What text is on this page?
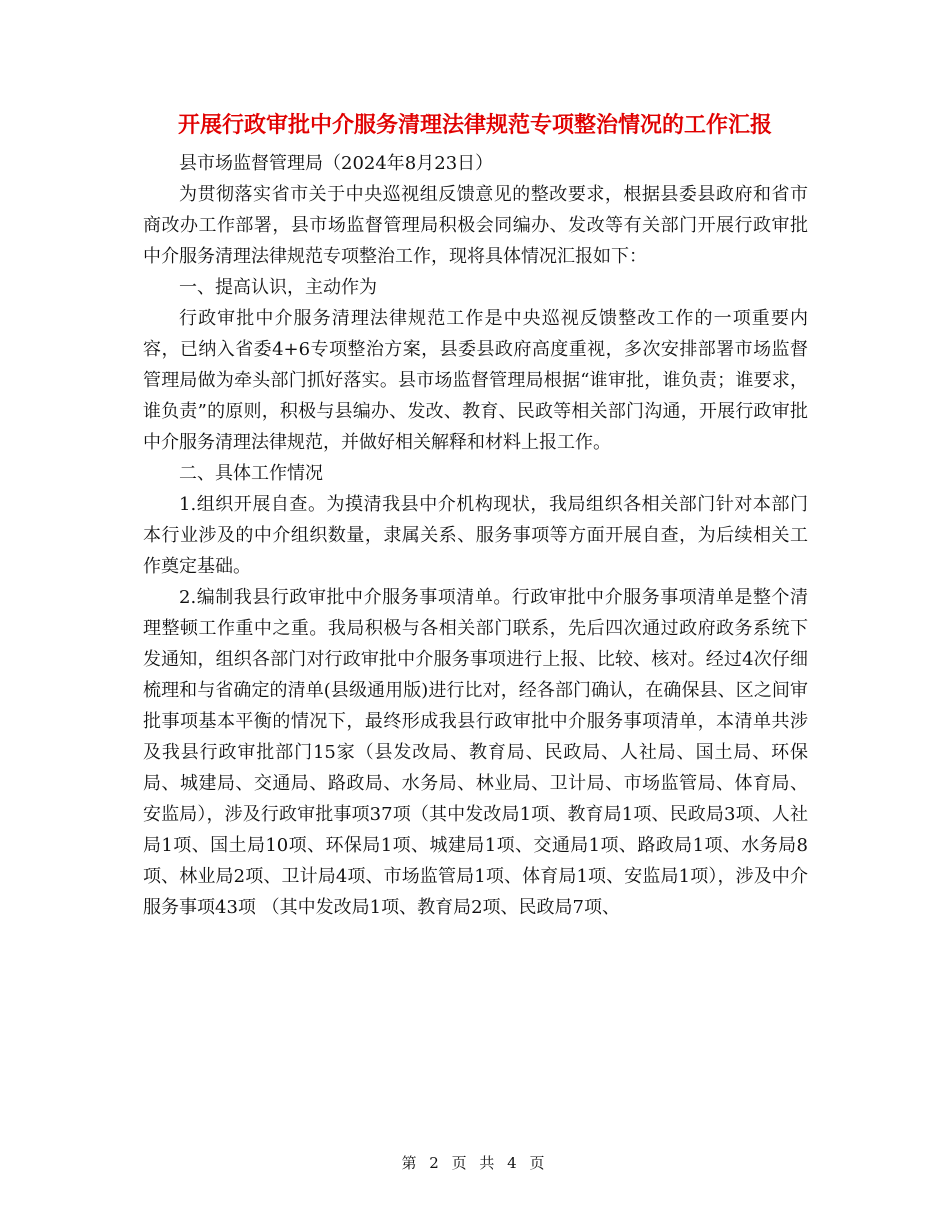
开展行政审批中介服务清理法律规范专项整治情况的工作汇报

县市场监督管理局（2024年8月23日）

为贯彻落实省市关于中央巡视组反馈意见的整改要求，根据县委县政府和省市商改办工作部署，县市场监督管理局积极会同编办、发改等有关部门开展行政审批中介服务清理法律规范专项整治工作，现将具体情况汇报如下：

一、提高认识，主动作为

行政审批中介服务清理法律规范工作是中央巡视反馈整改工作的一项重要内容，已纳入省委4+6专项整治方案，县委县政府高度重视，多次安排部署市场监督管理局做为牵头部门抓好落实。县市场监督管理局根据“谁审批，谁负责；谁要求，谁负责”的原则，积极与县编办、发改、教育、民政等相关部门沟通，开展行政审批中介服务清理法律规范，并做好相关解释和材料上报工作。

二、具体工作情况

1.组织开展自查。为摸清我县中介机构现状，我局组织各相关部门针对本部门本行业涉及的中介组织数量，隶属关系、服务事项等方面开展自查，为后续相关工作奠定基础。

2.编制我县行政审批中介服务事项清单。行政审批中介服务事项清单是整个清理整顿工作重中之重。我局积极与各相关部门联系，先后四次通过政府政务系统下发通知，组织各部门对行政审批中介服务事项进行上报、比较、核对。经过4次仔细梳理和与省确定的清单(县级通用版)进行比对，经各部门确认，在确保县、区之间审批事项基本平衡的情况下，最终形成我县行政审批中介服务事项清单，本清单共涉及我县行政审批部门15家（县发改局、教育局、民政局、人社局、国土局、环保局、城建局、交通局、路政局、水务局、林业局、卫计局、市场监管局、体育局、安监局），涉及行政审批事项37项（其中发改局1项、教育局1项、民政局3项、人社局1项、国土局10项、环保局1项、城建局1项、交通局1项、路政局1项、水务局8项、林业局2项、卫计局4项、市场监管局1项、体育局1项、安监局1项），涉及中介服务事项43项 （其中发改局1项、教育局2项、民政局7项、

第 2 页 共 4 页
